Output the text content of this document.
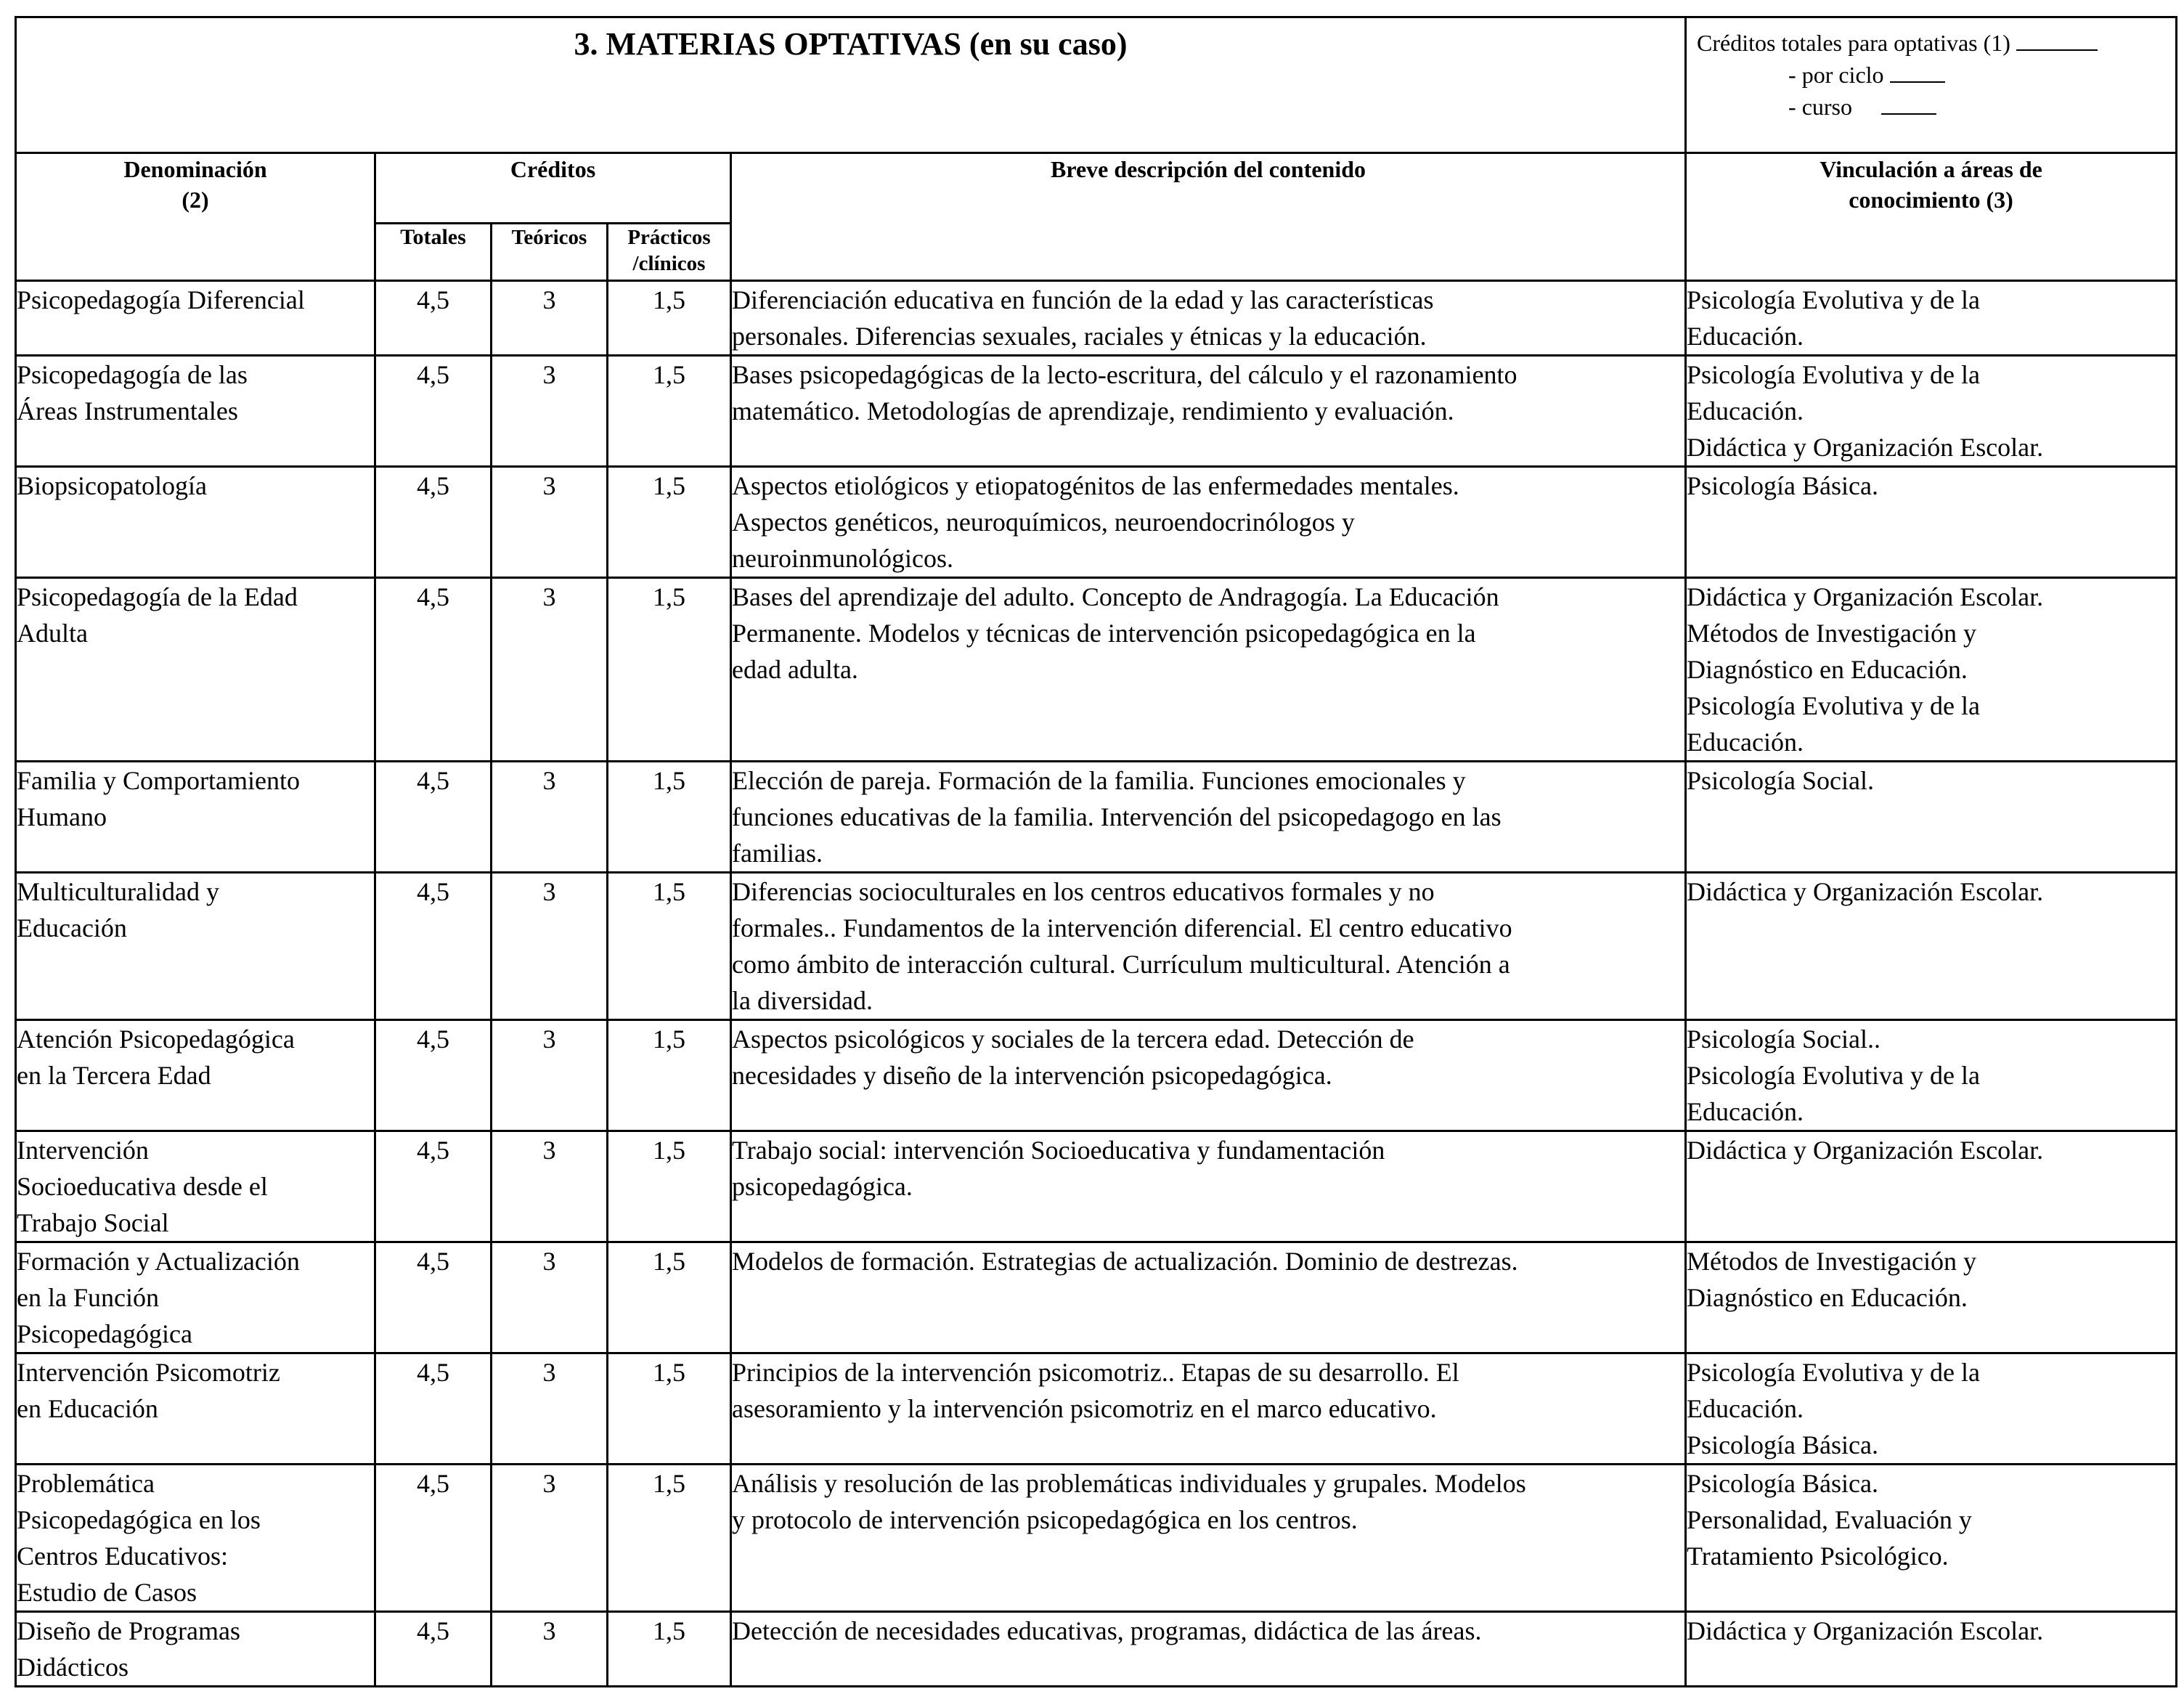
3. MATERIAS OPTATIVAS (en su caso)					Créditos totales para optativas (1)
- por ciclo
- curso

Denominación
(2)	Créditos			Breve descripción del contenido	Vinculación a áreas de
conocimiento (3)

	Totales	Teóricos	Prácticos
/clínicos		

Psicopedagogía Diferencial	4,5	3	1,5	Diferenciación educativa en función de la edad y las características
personales. Diferencias sexuales, raciales y étnicas y la educación.	Psicología Evolutiva y de la
Educación.

Psicopedagogía de las
Áreas Instrumentales	4,5	3	1,5	Bases psicopedagógicas de la lecto-escritura, del cálculo y el razonamiento
matemático. Metodologías de aprendizaje, rendimiento y evaluación.	Psicología Evolutiva y de la
Educación.
Didáctica y Organización Escolar.

Biopsicopatología	4,5	3	1,5	Aspectos etiológicos y etiopatogénitos de las enfermedades mentales.
Aspectos genéticos, neuroquímicos, neuroendocrinólogos y
neuroinmunológicos.	Psicología Básica.

Psicopedagogía de la Edad
Adulta	4,5	3	1,5	Bases del aprendizaje del adulto. Concepto de Andragogía. La Educación
Permanente. Modelos y técnicas de intervención psicopedagógica en la
edad adulta.	Didáctica y Organización Escolar.
Métodos de Investigación y
Diagnóstico en Educación.
Psicología Evolutiva y de la
Educación.

Familia y Comportamiento
Humano	4,5	3	1,5	Elección de pareja. Formación de la familia. Funciones emocionales y
funciones educativas de la familia. Intervención del psicopedagogo en las
familias.	Psicología Social.

Multiculturalidad y
Educación	4,5	3	1,5	Diferencias socioculturales en los centros educativos formales y no
formales.. Fundamentos de la intervención diferencial. El centro educativo
como ámbito de interacción cultural. Currículum multicultural. Atención a
la diversidad.	Didáctica y Organización Escolar.

Atención Psicopedagógica
en la Tercera Edad	4,5	3	1,5	Aspectos psicológicos y sociales de la tercera edad. Detección de
necesidades y diseño de la intervención psicopedagógica.	Psicología Social..
Psicología Evolutiva y de la
Educación.

Intervención
Socioeducativa desde el
Trabajo Social	4,5	3	1,5	Trabajo social: intervención Socioeducativa y fundamentación
psicopedagógica.	Didáctica y Organización Escolar.

Formación y Actualización
en la Función
Psicopedagógica	4,5	3	1,5	Modelos de formación. Estrategias de actualización. Dominio de destrezas.	Métodos de Investigación y
Diagnóstico en Educación.

Intervención Psicomotriz
en Educación	4,5	3	1,5	Principios de la intervención psicomotriz.. Etapas de su desarrollo. El
asesoramiento y la intervención psicomotriz en el marco educativo.	Psicología Evolutiva y de la
Educación.
Psicología Básica.

Problemática
Psicopedagógica en los
Centros Educativos:
Estudio de Casos	4,5	3	1,5	Análisis y resolución de las problemáticas individuales y grupales. Modelos
y protocolo de intervención psicopedagógica en los centros.	Psicología Básica.
Personalidad, Evaluación y
Tratamiento Psicológico.

Diseño de Programas
Didácticos	4,5	3	1,5	Detección de necesidades educativas, programas, didáctica de las áreas.	Didáctica y Organización Escolar.
